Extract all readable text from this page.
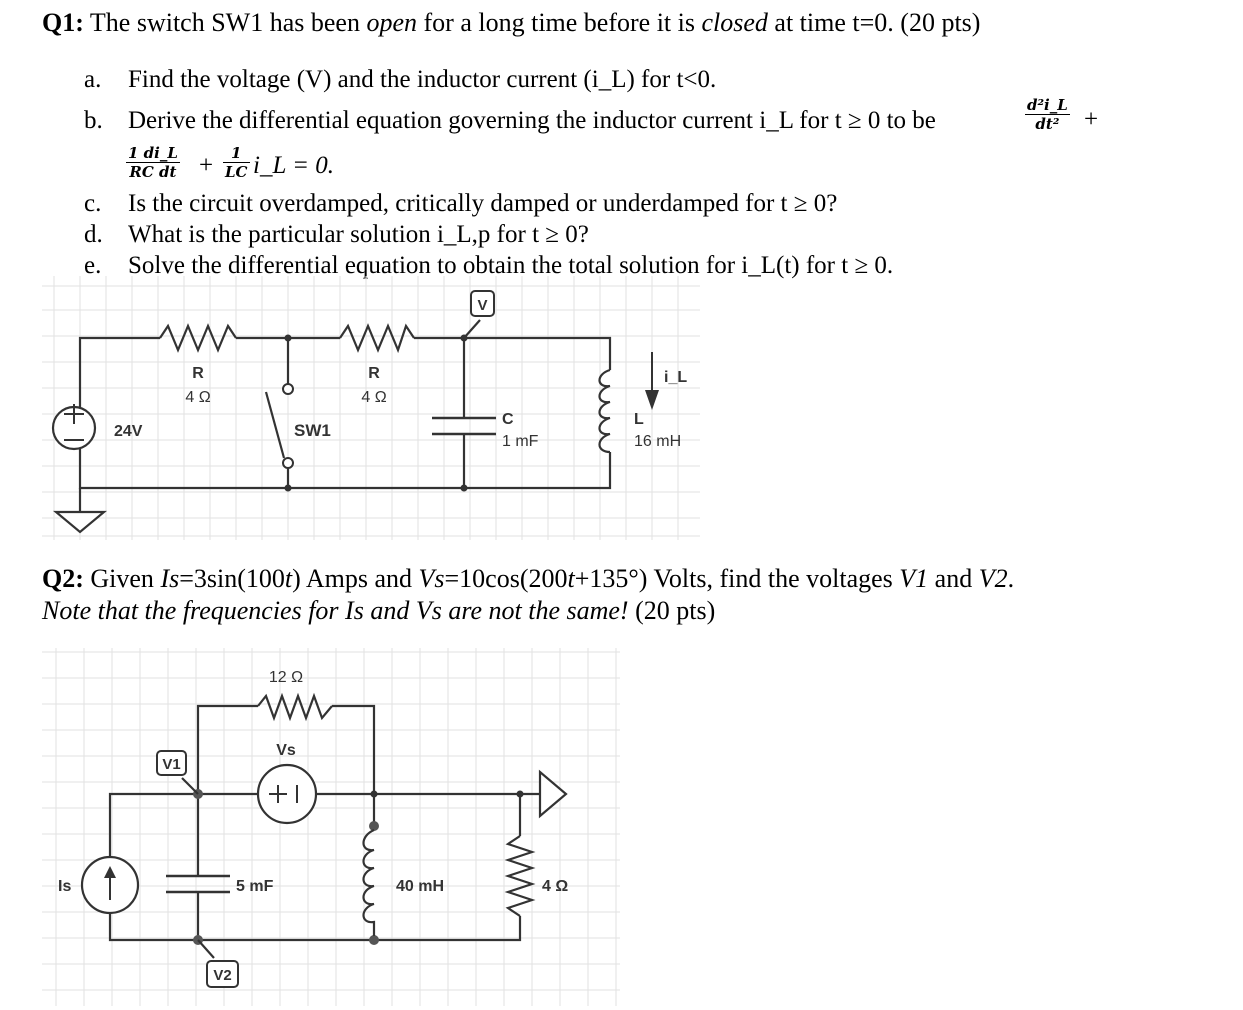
Q1: The switch SW1 has been open for a long time before it is closed at time t=0. (20 pts)
a. Find the voltage (V) and the inductor current (i_L) for t<0.
b. Derive the differential equation governing the inductor current i_L for t ≥ 0 to be	$\frac{\text{d²i\_L}}{\text{dt²}}$ +
$\frac{1 di\_L}{\text{RC dt}} + \frac{1}{LC}$ i_L = 0.
c. Is the circuit overdamped, critically damped or underdamped for t ≥ 0?
d. What is the particular solution i_L,p for t ≥ 0?
e. Solve the differential equation to obtain the total solution for i_L(t) for t ≥ 0.
R
4 Ω
R
4 Ω
24V	SW1
V
C
1 mF
L
16 mH
i_L
Q2: Given Is=3sin(100t) Amps and Vs=10cos(200t+135°) Volts, find the voltages V1 and V2.
Note that the frequencies for Is and Vs are not the same! (20 pts)
12 Ω
Vs
V1
V2
Is	5 mF	40 mH	4 Ω
